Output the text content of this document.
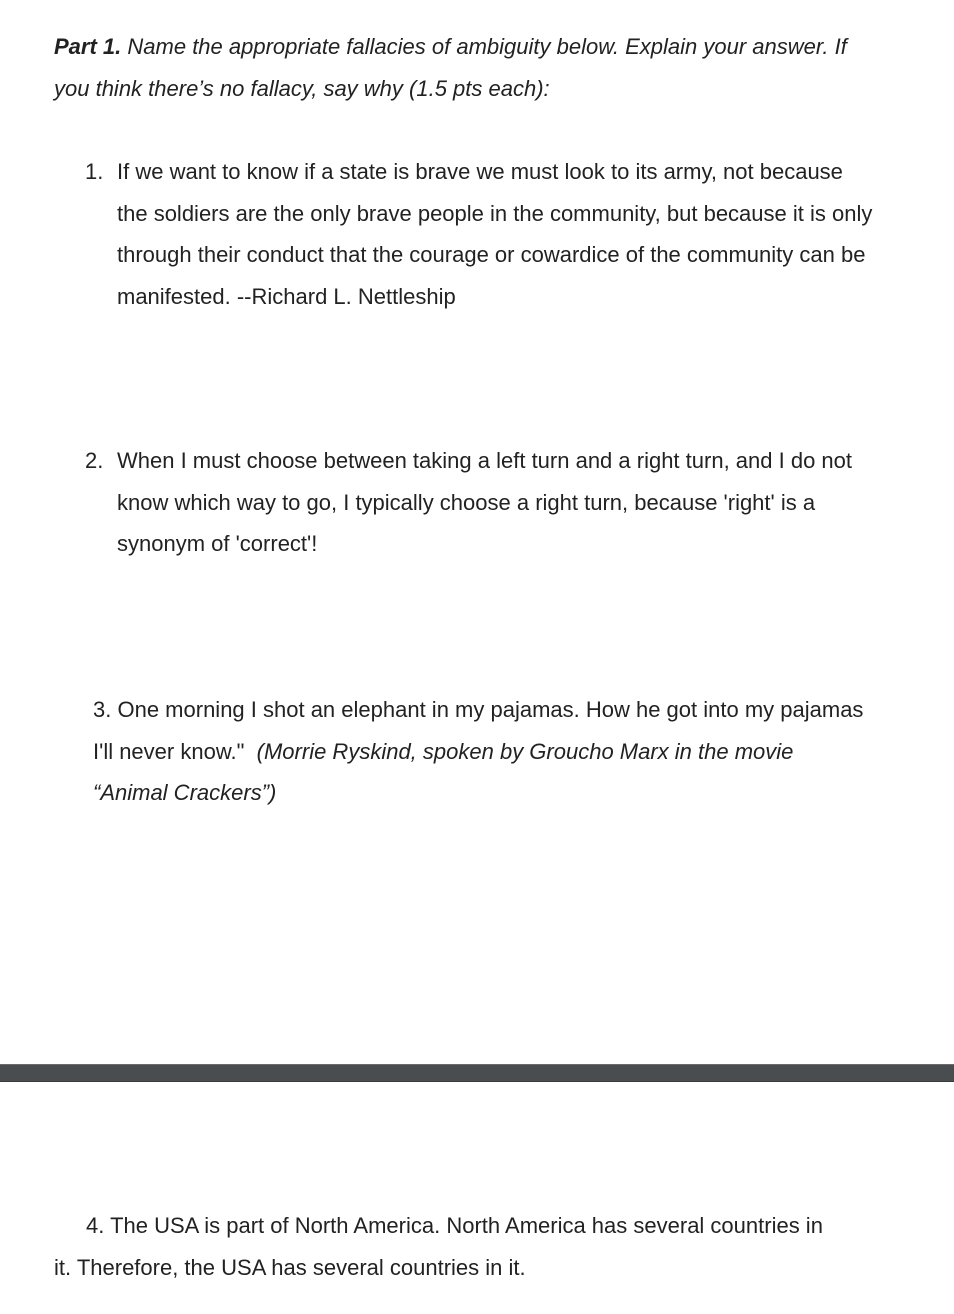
Part 1. Name the appropriate fallacies of ambiguity below. Explain your answer. If you think there’s no fallacy, say why (1.5 pts each):

1. If we want to know if a state is brave we must look to its army, not because the soldiers are the only brave people in the community, but because it is only through their conduct that the courage or cowardice of the community can be manifested. --Richard L. Nettleship

2. When I must choose between taking a left turn and a right turn, and I do not know which way to go, I typically choose a right turn, because 'right' is a synonym of 'correct'!

3. One morning I shot an elephant in my pajamas. How he got into my pajamas I'll never know." (Morrie Ryskind, spoken by Groucho Marx in the movie “Animal Crackers”)

4. The USA is part of North America. North America has several countries in it. Therefore, the USA has several countries in it.
